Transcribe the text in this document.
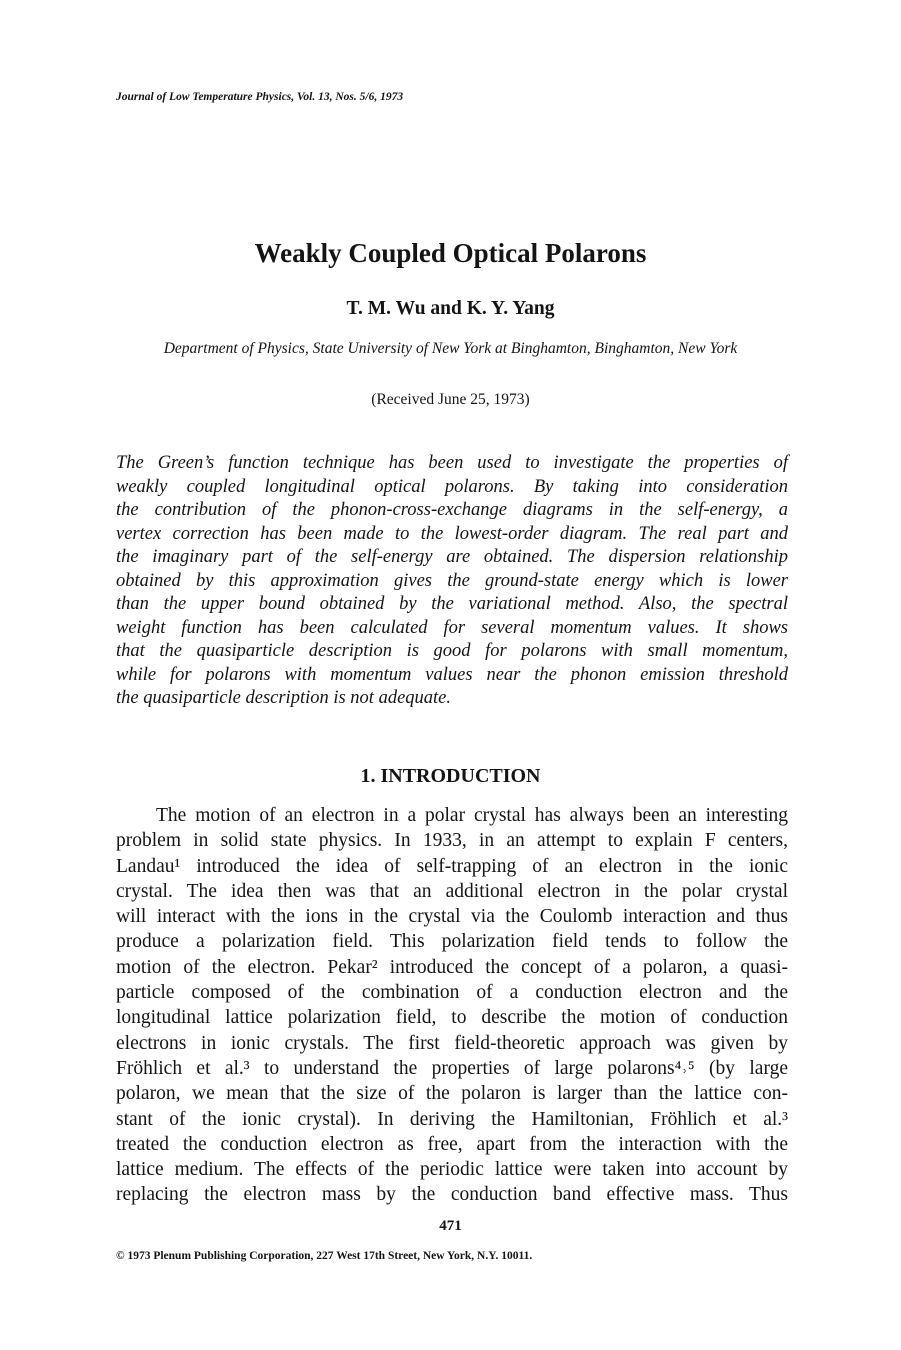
Journal of Low Temperature Physics, Vol. 13, Nos. 5/6, 1973
Weakly Coupled Optical Polarons
T. M. Wu and K. Y. Yang
Department of Physics, State University of New York at Binghamton, Binghamton, New York
(Received June 25, 1973)
The Green’s function technique has been used to investigate the properties of
weakly coupled longitudinal optical polarons. By taking into consideration
the contribution of the phonon-cross-exchange diagrams in the self-energy, a
vertex correction has been made to the lowest-order diagram. The real part and
the imaginary part of the self-energy are obtained. The dispersion relationship
obtained by this approximation gives the ground-state energy which is lower
than the upper bound obtained by the variational method. Also, the spectral
weight function has been calculated for several momentum values. It shows
that the quasiparticle description is good for polarons with small momentum,
while for polarons with momentum values near the phonon emission threshold
the quasiparticle description is not adequate.
1. INTRODUCTION
The motion of an electron in a polar crystal has always been an interesting
problem in solid state physics. In 1933, in an attempt to explain F centers,
Landau¹ introduced the idea of self-trapping of an electron in the ionic
crystal. The idea then was that an additional electron in the polar crystal
will interact with the ions in the crystal via the Coulomb interaction and thus
produce a polarization field. This polarization field tends to follow the
motion of the electron. Pekar² introduced the concept of a polaron, a quasi-
particle composed of the combination of a conduction electron and the
longitudinal lattice polarization field, to describe the motion of conduction
electrons in ionic crystals. The first field-theoretic approach was given by
Fröhlich et al.³ to understand the properties of large polarons⁴˒⁵ (by large
polaron, we mean that the size of the polaron is larger than the lattice con-
stant of the ionic crystal). In deriving the Hamiltonian, Fröhlich et al.³
treated the conduction electron as free, apart from the interaction with the
lattice medium. The effects of the periodic lattice were taken into account by
replacing the electron mass by the conduction band effective mass. Thus
471
© 1973 Plenum Publishing Corporation, 227 West 17th Street, New York, N.Y. 10011.
